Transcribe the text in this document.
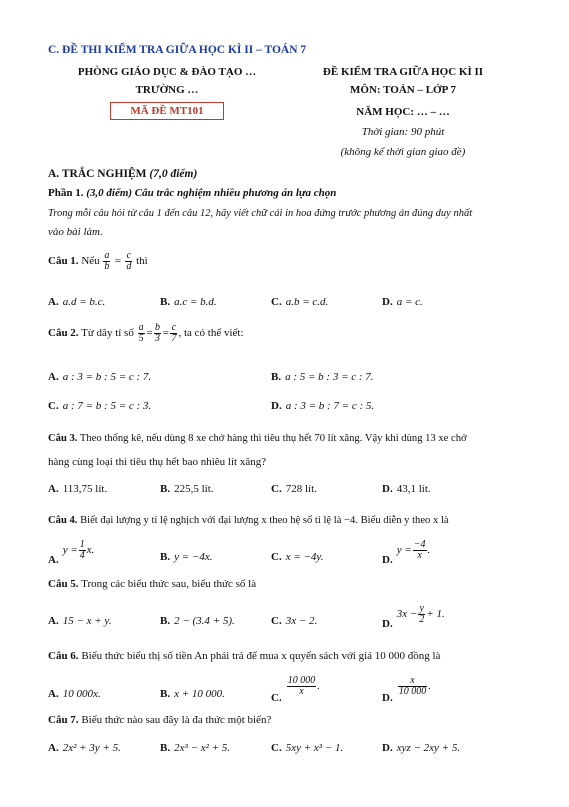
C. ĐỀ THI KIỂM TRA GIỮA HỌC KÌ II – TOÁN 7
PHÒNG GIÁO DỤC & ĐÀO TẠO …
TRƯỜNG …
MÃ ĐỀ MT101
ĐỀ KIỂM TRA GIỮA HỌC KÌ II
MÔN: TOÁN – LỚP 7
NĂM HỌC: … – …
Thời gian: 90 phút
(không kể thời gian giao đề)
A. TRẮC NGHIỆM (7,0 điểm)
Phần 1. (3,0 điểm) Câu trắc nghiệm nhiều phương án lựa chọn
Trong mỗi câu hỏi từ câu 1 đến câu 12, hãy viết chữ cái in hoa đứng trước phương án đúng duy nhất
vào bài làm.
Câu 1. Nếu $\frac{a}{b} = \frac{c}{d}$ thì
A. a.d = b.c.	B. a.c = b.d.	C. a.b = c.d.	D. a = c.
Câu 2. Từ dãy tỉ số $\frac{a}{5} = \frac{b}{3} = \frac{c}{7}$ , ta có thể viết:
A. a : 3 = b : 5 = c : 7.	B. a : 5 = b : 3 = c : 7.
C. a : 7 = b : 5 = c : 3.	D. a : 3 = b : 7 = c : 5.
Câu 3. Theo thống kê, nếu dùng 8 xe chở hàng thì tiêu thụ hết 70 lít xăng. Vậy khi dùng 13 xe chở
hàng cùng loại thì tiêu thụ hết bao nhiêu lít xăng?
A. 113,75 lít.	B. 225,5 lít.	C. 728 lít.	D. 43,1 lít.
Câu 4. Biết đại lượng y tỉ lệ nghịch với đại lượng x theo hệ số tỉ lệ là −4. Biểu diễn y theo x là
$A.y = \frac{1}{4} x$.
B. y = −4x.	C. x = −4y.	$D.y = \frac{-4}{x}$ .
Câu 5. Trong các biểu thức sau, biểu thức số là
A. 15 − x + y.	B. 2 − (3.4 + 5).	C. 3x − 2.	$D.3x - \frac{y}{2} + 1$.
Câu 6. Biểu thức biểu thị số tiền An phải trả để mua x quyển sách với giá 10 000 đồng là
A. 10 000x.	B. x + 10 000.	C.
$\frac{10 000}{x}$ .
D.
$\frac{x}{10 000}$ .
Câu 7. Biểu thức nào sau đây là đa thức một biến?
A. 2x² + 3y + 5.	B. 2x³ − x² + 5.	C. 5xy + x³ − 1.	D. xyz − 2xy + 5.
